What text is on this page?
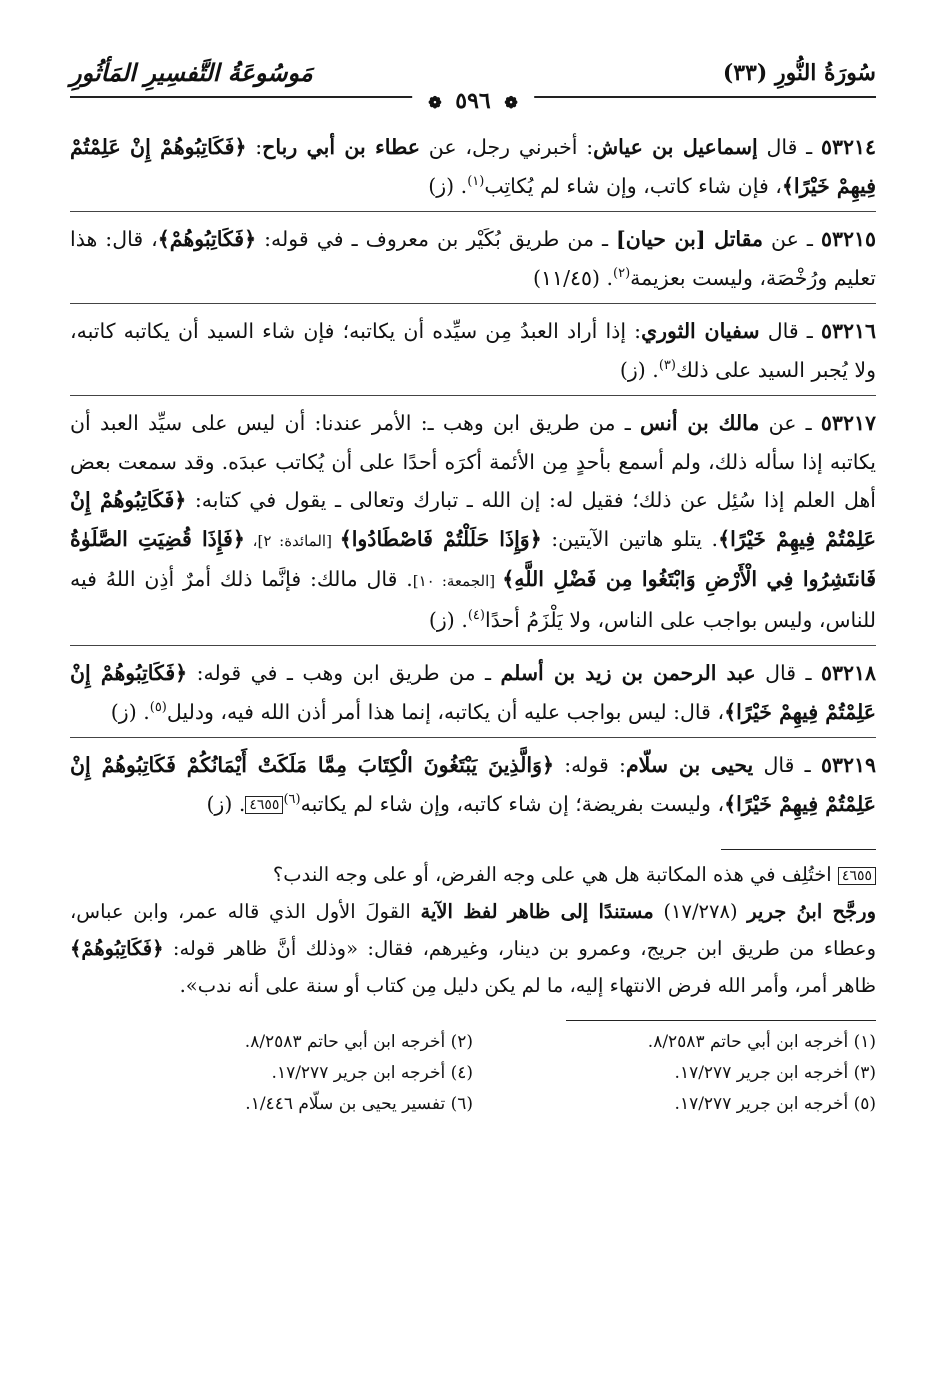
سُورَةُ النُّورِ (٣٣)
مَوسُوعَةُ التَّفسِيرِ المَأثُورِ
❁ ٥٩٦ ❁
٥٣٢١٤ ـ قال إسماعيل بن عياش: أخبرني رجل، عن عطاء بن أبي رباح: ﴿فَكَاتِبُوهُمْ إِنْ عَلِمْتُمْ فِيهِمْ خَيْرًا﴾، فإن شاء كاتب، وإن شاء لم يُكاتِب$^{(١)}$. (ز)
٥٣٢١٥ ـ عن مقاتل [بن حيان] ـ من طريق بُكَيْر بن معروف ـ في قوله: ﴿فَكَاتِبُوهُمْ﴾، قال: هذا تعليم ورُخْصَة، وليست بعزيمة$^{(٢)}$. (١١/٤٥)
٥٣٢١٦ ـ قال سفيان الثوري: إذا أراد العبدُ مِن سيِّده أن يكاتبه؛ فإن شاء السيد أن يكاتبه كاتبه، ولا يُجبر السيد على ذلك$^{(٣)}$. (ز)
٥٣٢١٧ ـ عن مالك بن أنس ـ من طريق ابن وهب ـ: الأمر عندنا: أن ليس على سيِّد العبد أن يكاتبه إذا سأله ذلك، ولم أسمع بأحدٍ مِن الأئمة أكرَه أحدًا على أن يُكاتب عبدَه. وقد سمعت بعض أهل العلم إذا سُئِل عن ذلك؛ فقيل له: إن الله ـ تبارك وتعالى ـ يقول في كتابه: ﴿فَكَاتِبُوهُمْ إِنْ عَلِمْتُمْ فِيهِمْ خَيْرًا﴾. يتلو هاتين الآيتين: ﴿وَإِذَا حَلَلْتُمْ فَاصْطَادُوا﴾ [المائدة: ٢]، ﴿فَإِذَا قُضِيَتِ الصَّلَوٰةُ فَانتَشِرُوا فِي الْأَرْضِ وَابْتَغُوا مِن فَضْلِ اللَّهِ﴾ [الجمعة: ١٠]. قال مالك: فإنَّما ذلك أمرٌ أذِن اللهُ فيه للناس، وليس بواجب على الناس، ولا يَلْزَمُ أحدًا$^{(٤)}$. (ز)
٥٣٢١٨ ـ قال عبد الرحمن بن زيد بن أسلم ـ من طريق ابن وهب ـ في قوله: ﴿فَكَاتِبُوهُمْ إِنْ عَلِمْتُمْ فِيهِمْ خَيْرًا﴾، قال: ليس بواجب عليه أن يكاتبه، إنما هذا أمر أذن الله فيه، ودليل$^{(٥)}$. (ز)
٥٣٢١٩ ـ قال يحيى بن سلّام: قوله: ﴿وَالَّذِينَ يَبْتَغُونَ الْكِتَابَ مِمَّا مَلَكَتْ أَيْمَانُكُمْ فَكَاتِبُوهُمْ إِنْ عَلِمْتُمْ فِيهِمْ خَيْرًا﴾، وليست بفريضة؛ إن شاء كاتبه، وإن شاء لم يكاتبه$^{(٦)}$٤٦٥٥. (ز)
٤٦٥٥ اختُلِف في هذه المكاتبة هل هي على وجه الفرض، أو على وجه الندب؟
ورجَّح ابنُ جرير (١٧/٢٧٨) مستندًا إلى ظاهر لفظ الآية القولَ الأول الذي قاله عمر، وابن عباس، وعطاء من طريق ابن جريج، وعمرو بن دينار، وغيرهم، فقال: «وذلك أنَّ ظاهر قوله: ﴿فَكَاتِبُوهُمْ﴾ ظاهر أمر، وأمر الله فرض الانتهاء إليه، ما لم يكن دليل مِن كتاب أو سنة على أنه ندب».
(١) أخرجه ابن أبي حاتم ٨/٢٥٨٣.
(٢) أخرجه ابن أبي حاتم ٨/٢٥٨٣.
(٣) أخرجه ابن جرير ١٧/٢٧٧.
(٤) أخرجه ابن جرير ١٧/٢٧٧.
(٥) أخرجه ابن جرير ١٧/٢٧٧.
(٦) تفسير يحيى بن سلّام ١/٤٤٦.
